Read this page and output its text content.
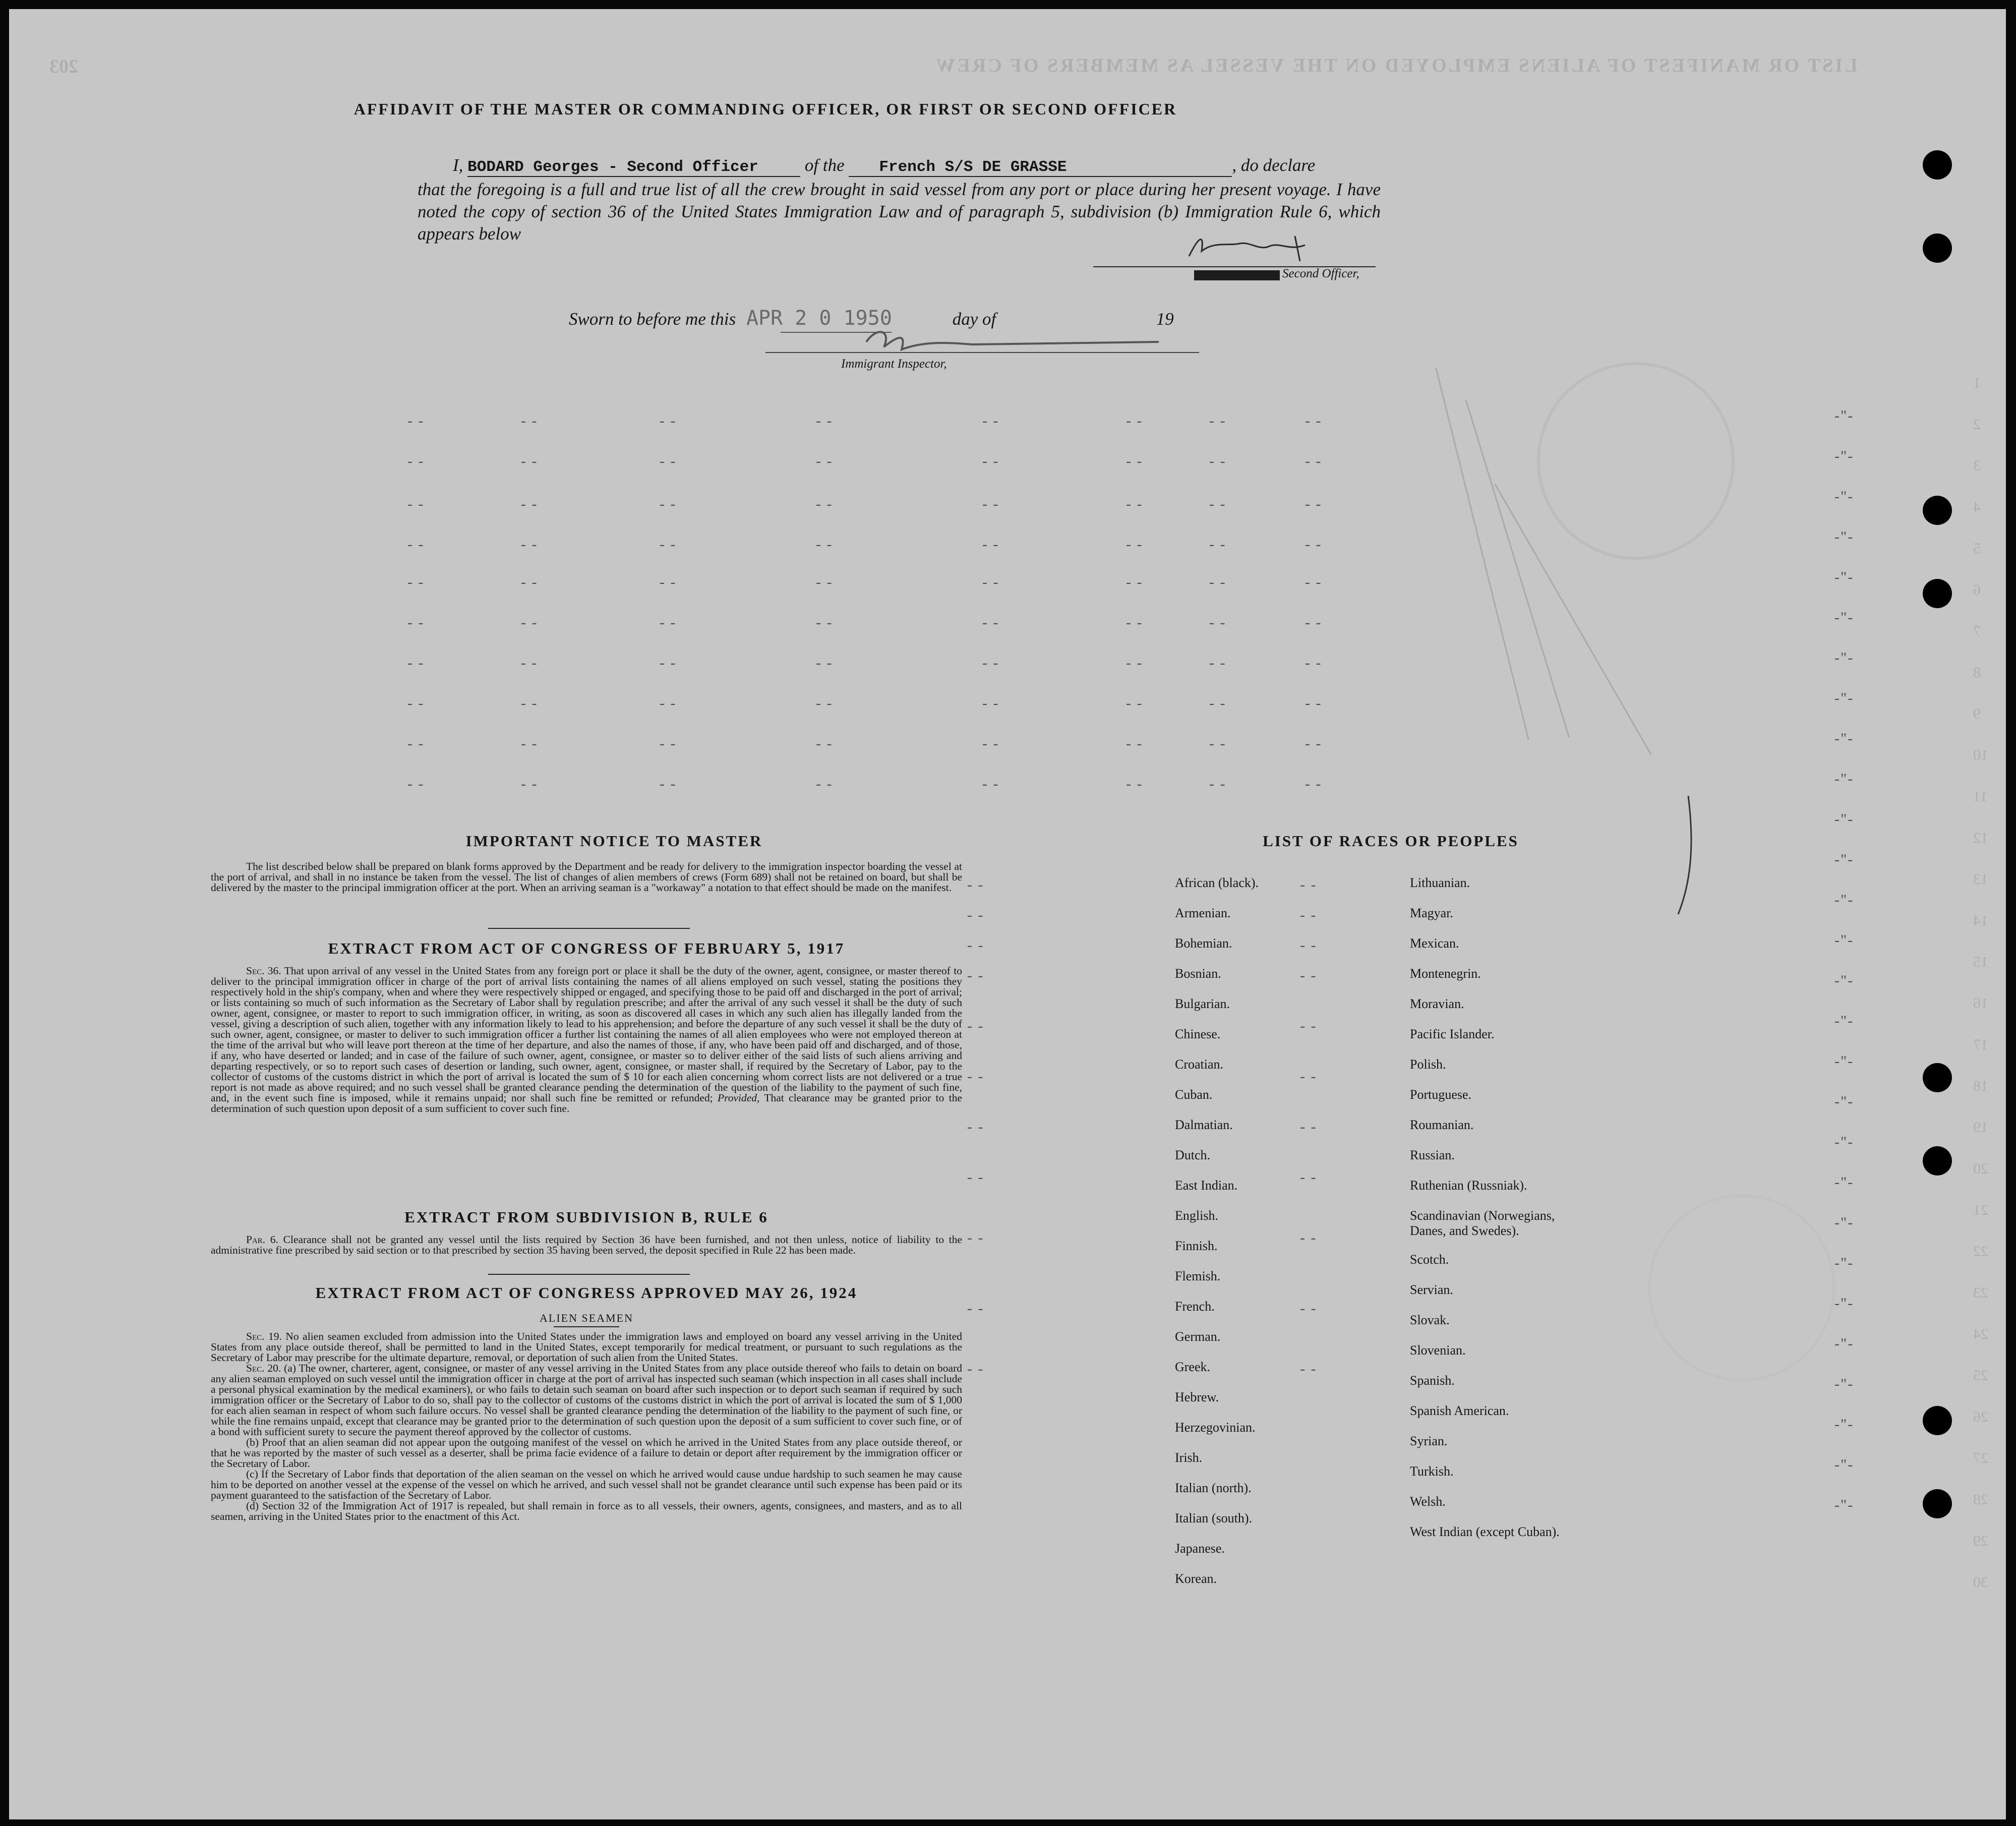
LIST OR MANIFEST OF ALIENS EMPLOYED ON THE VESSEL AS MEMBERS OF CREW
203
1
2
3
4
5
6
7
8
9
10
11
12
13
14
15
16
17
18
19
20
21
22
23
24
25
26
27
28
29
30
- -	- -	- -	- -	- -	- -	- -	- -
- -	- -	- -	- -	- -	- -	- -	- -
- -	- -	- -	- -	- -	- -	- -	- -
- -	- -	- -	- -	- -	- -	- -	- -
- -	- -	- -	- -	- -	- -	- -	- -
- -	- -	- -	- -	- -	- -	- -	- -
- -	- -	- -	- -	- -	- -	- -	- -
- -	- -	- -	- -	- -	- -	- -	- -
- -	- -	- -	- -	- -	- -	- -	- -
- -	- -	- -	- -	- -	- -	- -	- -
-"-
-"-
-"-
-"-
-"-
-"-
-"-
-"-
-"-
-"-
-"-
-"-
-"-
-"-
-"-
-"-
-"-
-"-
-"-
-"-
-"-
-"-
-"-
-"-
-"-
-"-
-"-
-"-
- -	- -
- -	- -
- -	- -
- -	- -
- -	- -
- -	- -
- -	- -
- -	- -
- -	- -
- -	- -
- -	- -
AFFIDAVIT OF THE MASTER OR COMMANDING OFFICER, OR FIRST OR SECOND OFFICER
I, BODARD Georges - Second Officer	of the French S/S DE GRASSE	, do declare
that the foregoing is a full and true list of all the crew brought in said vessel from any port or place during her present voyage. I have noted the copy of section 36 of the United States Immigration Law and of paragraph 5, subdivision (b) Immigration Rule 6, which appears below
Second Officer,
Sworn to before me this APR 2 0 1950	day of	19
Immigrant Inspector,
IMPORTANT NOTICE TO MASTER

The list described below shall be prepared on blank forms approved by the Department and be ready for delivery to the immigration inspector boarding the vessel at the port of arrival, and shall in no instance be taken from the vessel. The list of changes of alien members of crews (Form 689) shall not be retained on board, but shall be delivered by the master to the principal immigration officer at the port. When an arriving seaman is a "workaway" a notation to that effect should be made on the manifest.

EXTRACT FROM ACT OF CONGRESS OF FEBRUARY 5, 1917

Sec. 36. That upon arrival of any vessel in the United States from any foreign port or place it shall be the duty of the owner, agent, consignee, or master thereof to deliver to the principal immigration officer in charge of the port of arrival lists containing the names of all aliens employed on such vessel, stating the positions they respectively hold in the ship's company, when and where they were respectively shipped or engaged, and specifying those to be paid off and discharged in the port of arrival; or lists containing so much of such information as the Secretary of Labor shall by regulation prescribe; and after the arrival of any such vessel it shall be the duty of such owner, agent, consignee, or master to report to such immigration officer, in writing, as soon as discovered all cases in which any such alien has illegally landed from the vessel, giving a description of such alien, together with any information likely to lead to his apprehension; and before the departure of any such vessel it shall be the duty of such owner, agent, consignee, or master to deliver to such immigration officer a further list containing the names of all alien employees who were not employed thereon at the time of the arrival but who will leave port thereon at the time of her departure, and also the names of those, if any, who have been paid off and discharged, and of those, if any, who have deserted or landed; and in case of the failure of such owner, agent, consignee, or master so to deliver either of the said lists of such aliens arriving and departing respectively, or so to report such cases of desertion or landing, such owner, agent, consignee, or master shall, if required by the Secretary of Labor, pay to the collector of customs of the customs district in which the port of arrival is located the sum of $ 10 for each alien concerning whom correct lists are not delivered or a true report is not made as above required; and no such vessel shall be granted clearance pending the determination of the question of the liability to the payment of such fine, and, in the event such fine is imposed, while it remains unpaid; nor shall such fine be remitted or refunded; Provided, That clearance may be granted prior to the determination of such question upon deposit of a sum sufficient to cover such fine.

EXTRACT FROM SUBDIVISION B, RULE 6

Par. 6. Clearance shall not be granted any vessel until the lists required by Section 36 have been furnished, and not then unless, notice of liability to the administrative fine prescribed by said section or to that prescribed by section 35 having been served, the deposit specified in Rule 22 has been made.

EXTRACT FROM ACT OF CONGRESS APPROVED MAY 26, 1924
ALIEN SEAMEN

Sec. 19. No alien seamen excluded from admission into the United States under the immigration laws and employed on board any vessel arriving in the United States from any place outside thereof, shall be permitted to land in the United States, except temporarily for medical treatment, or pursuant to such regulations as the Secretary of Labor may prescribe for the ultimate departure, removal, or deportation of such alien from the United States.

Sec. 20. (a) The owner, charterer, agent, consignee, or master of any vessel arriving in the United States from any place outside thereof who fails to detain on board any alien seaman employed on such vessel until the immigration officer in charge at the port of arrival has inspected such seaman (which inspection in all cases shall include a personal physical examination by the medical examiners), or who fails to detain such seaman on board after such inspection or to deport such seaman if required by such immigration officer or the Secretary of Labor to do so, shall pay to the collector of customs of the customs district in which the port of arrival is located the sum of $ 1,000 for each alien seaman in respect of whom such failure occurs. No vessel shall be granted clearance pending the determination of the liability to the payment of such fine, or while the fine remains unpaid, except that clearance may be granted prior to the determination of such question upon the deposit of a sum sufficient to cover such fine, or of a bond with sufficient surety to secure the payment thereof approved by the collector of customs.

(b) Proof that an alien seaman did not appear upon the outgoing manifest of the vessel on which he arrived in the United States from any place outside thereof, or that he was reported by the master of such vessel as a deserter, shall be prima facie evidence of a failure to detain or deport after requirement by the immigration officer or the Secretary of Labor.

(c) If the Secretary of Labor finds that deportation of the alien seaman on the vessel on which he arrived would cause undue hardship to such seamen he may cause him to be deported on another vessel at the expense of the vessel on which he arrived, and such vessel shall not be grandet clearance until such expense has been paid or its payment guaranteed to the satisfaction of the Secretary of Labor.

(d) Section 32 of the Immigration Act of 1917 is repealed, but shall remain in force as to all vessels, their owners, agents, consignees, and masters, and as to all seamen, arriving in the United States prior to the enactment of this Act.

LIST OF RACES OR PEOPLES
African (black).
Armenian.
Bohemian.
Bosnian.
Bulgarian.
Chinese.
Croatian.
Cuban.
Dalmatian.
Dutch.
East Indian.
English.
Finnish.
Flemish.
French.
German.
Greek.
Hebrew.
Herzegovinian.
Irish.
Italian (north).
Italian (south).
Japanese.
Korean.
Lithuanian.
Magyar.
Mexican.
Montenegrin.
Moravian.
Pacific Islander.
Polish.
Portuguese.
Roumanian.
Russian.
Ruthenian (Russniak).
Scandinavian (Norwegians, Danes, and Swedes).
Scotch.
Servian.
Slovak.
Slovenian.
Spanish.
Spanish American.
Syrian.
Turkish.
Welsh.
West Indian (except Cuban).
